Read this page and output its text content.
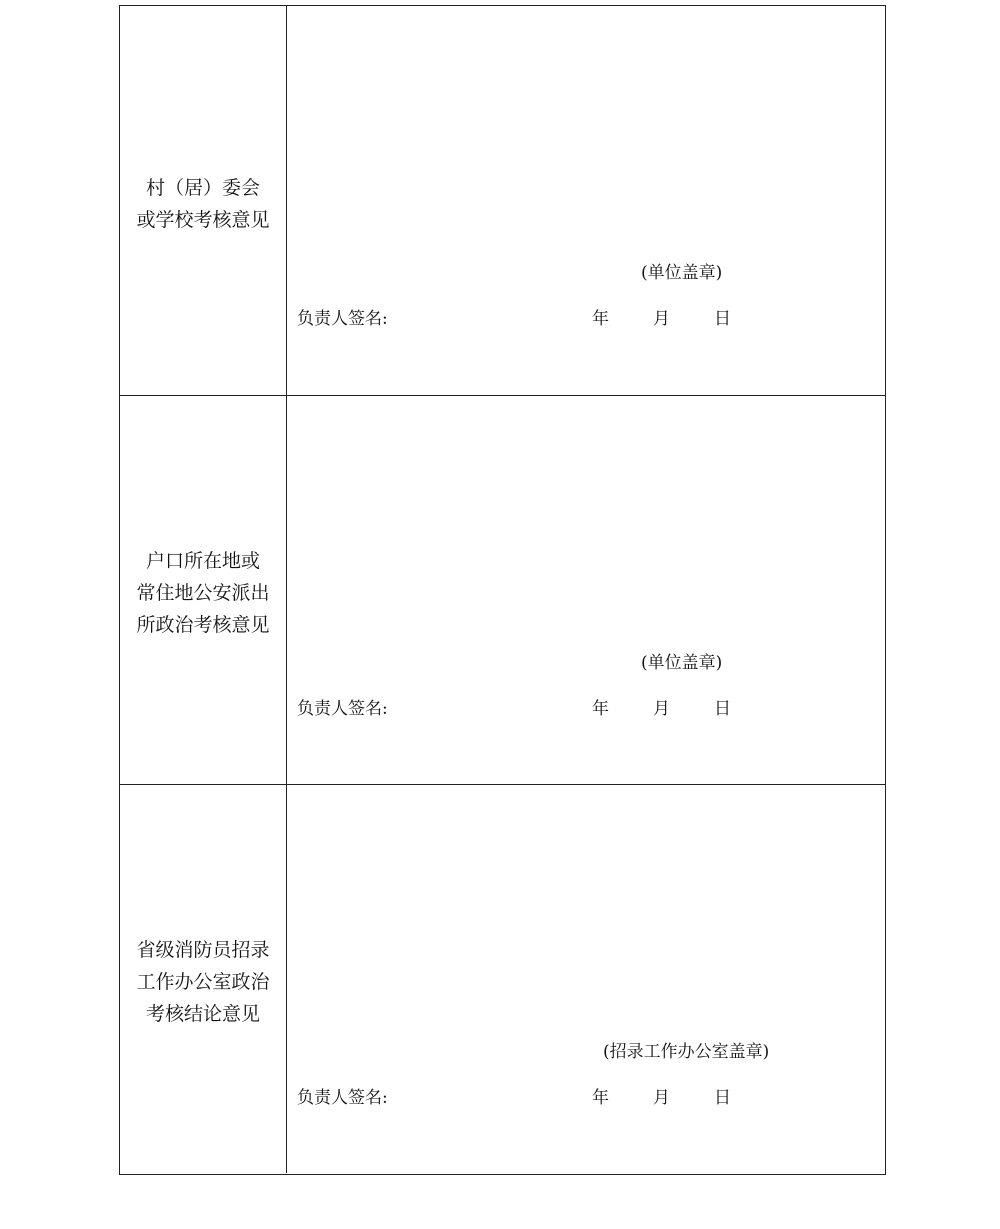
村（居）委会
或学校考核意见
(单位盖章)
负责人签名:	年	月	日
户口所在地或
常住地公安派出
所政治考核意见
(单位盖章)
负责人签名:	年	月	日
省级消防员招录
工作办公室政治
考核结论意见
(招录工作办公室盖章)
负责人签名:	年	月	日
